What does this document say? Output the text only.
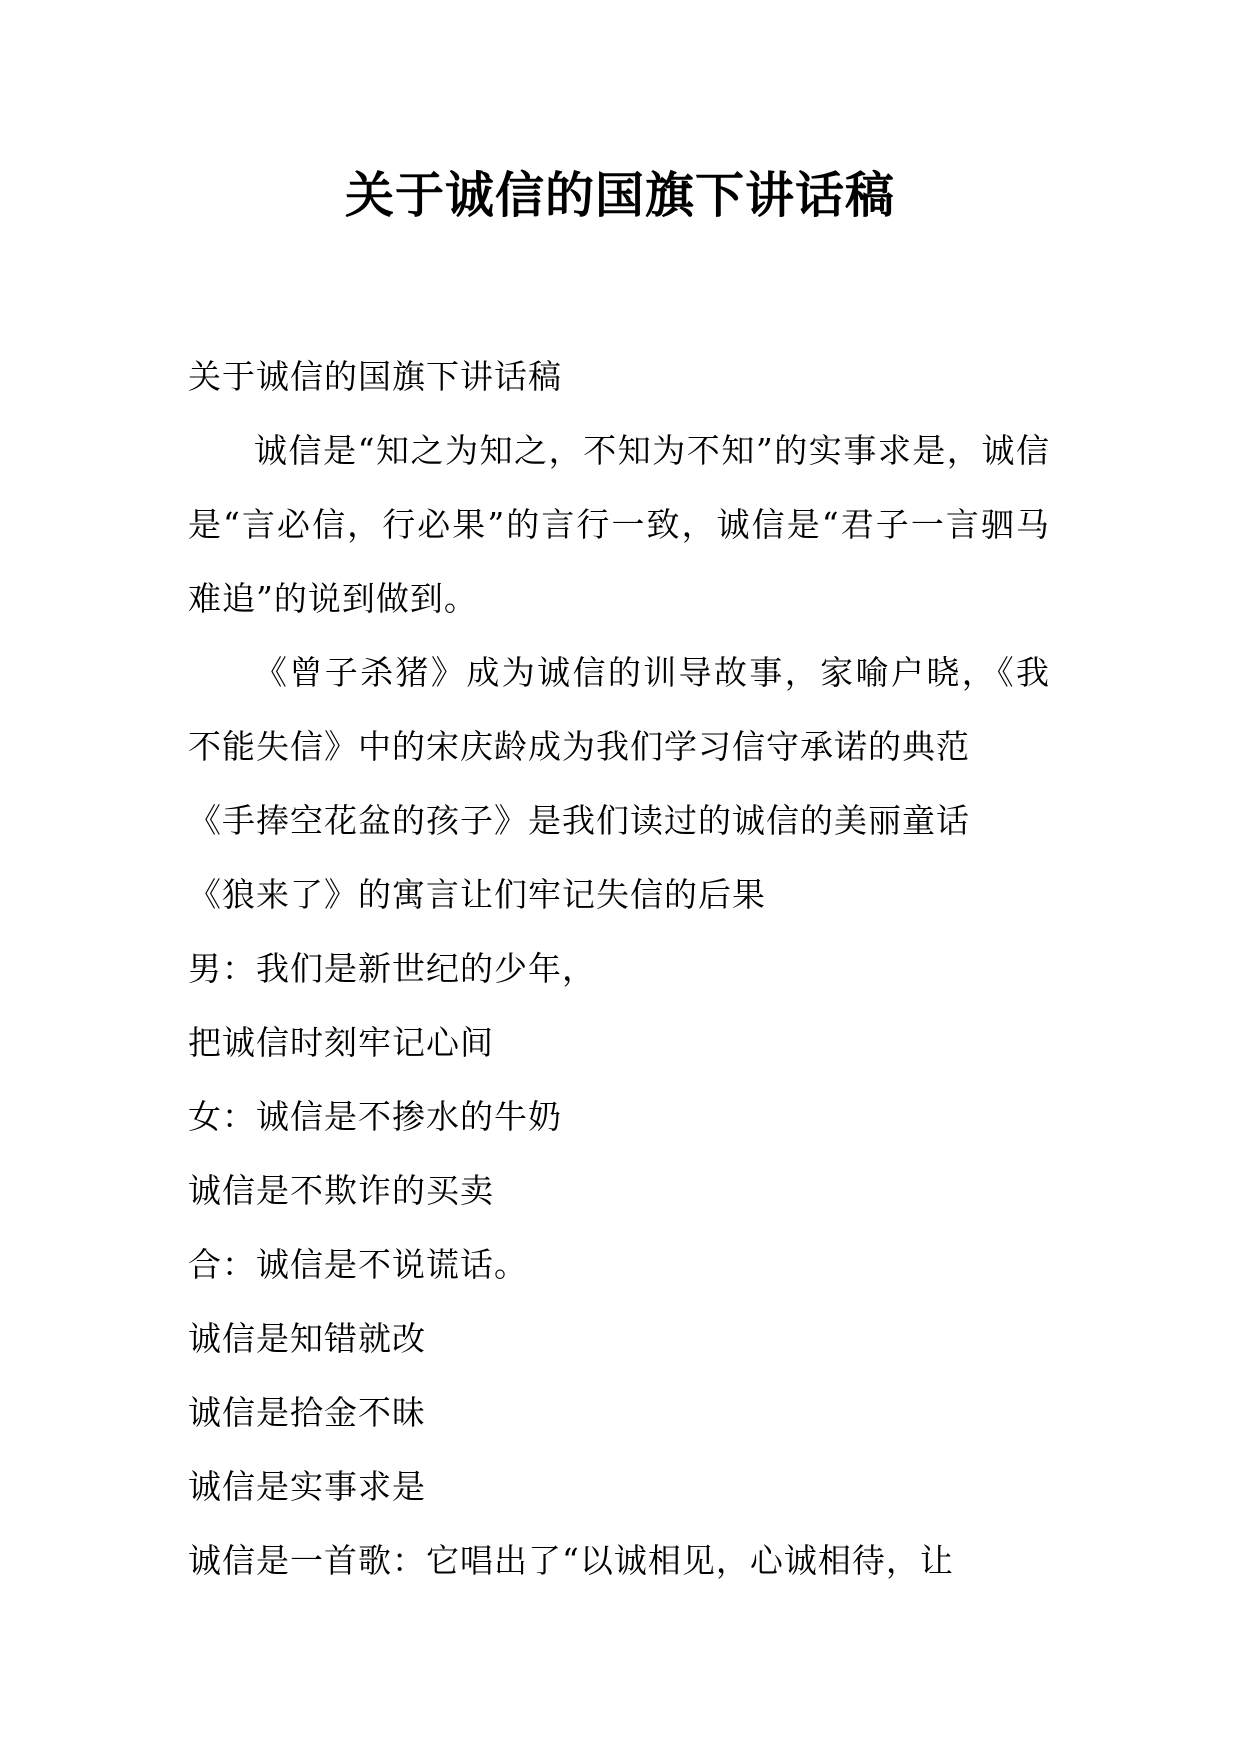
关于诚信的国旗下讲话稿

关于诚信的国旗下讲话稿

诚信是“知之为知之，不知为不知”的实事求是，诚信是“言必信，行必果”的言行一致，诚信是“君子一言驷马难追”的说到做到。

《曾子杀猪》成为诚信的训导故事，家喻户晓，《我不能失信》中的宋庆龄成为我们学习信守承诺的典范

《手捧空花盆的孩子》是我们读过的诚信的美丽童话

《狼来了》的寓言让们牢记失信的后果

男：我们是新世纪的少年，

把诚信时刻牢记心间

女：诚信是不掺水的牛奶

诚信是不欺诈的买卖

合：诚信是不说谎话。

诚信是知错就改

诚信是拾金不昧

诚信是实事求是

诚信是一首歌：它唱出了“以诚相见，心诚相待，让
